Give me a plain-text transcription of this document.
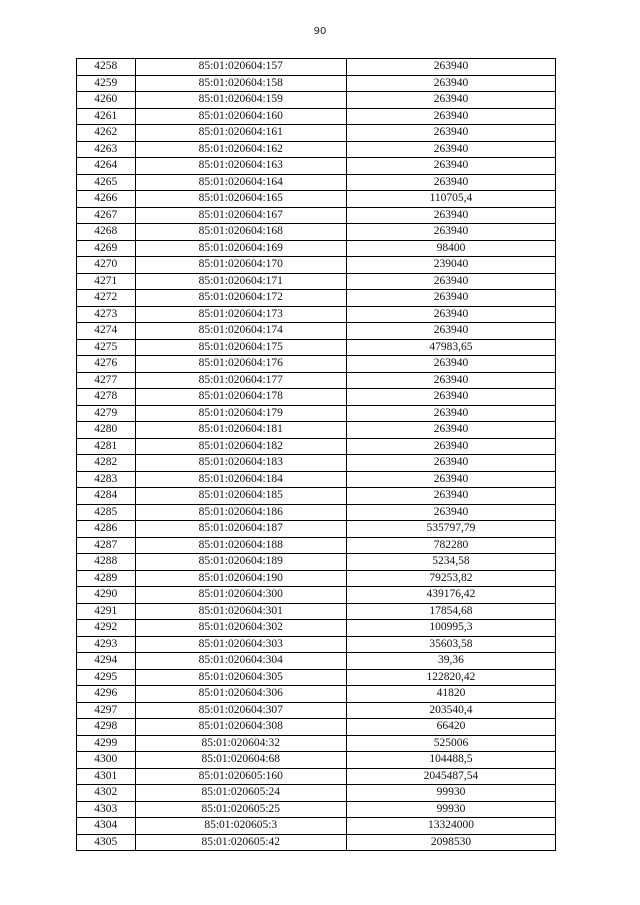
90
4258	85:01:020604:157	263940
4259	85:01:020604:158	263940
4260	85:01:020604:159	263940
4261	85:01:020604:160	263940
4262	85:01:020604:161	263940
4263	85:01:020604:162	263940
4264	85:01:020604:163	263940
4265	85:01:020604:164	263940
4266	85:01:020604:165	110705,4
4267	85:01:020604:167	263940
4268	85:01:020604:168	263940
4269	85:01:020604:169	98400
4270	85:01:020604:170	239040
4271	85:01:020604:171	263940
4272	85:01:020604:172	263940
4273	85:01:020604:173	263940
4274	85:01:020604:174	263940
4275	85:01:020604:175	47983,65
4276	85:01:020604:176	263940
4277	85:01:020604:177	263940
4278	85:01:020604:178	263940
4279	85:01:020604:179	263940
4280	85:01:020604:181	263940
4281	85:01:020604:182	263940
4282	85:01:020604:183	263940
4283	85:01:020604:184	263940
4284	85:01:020604:185	263940
4285	85:01:020604:186	263940
4286	85:01:020604:187	535797,79
4287	85:01:020604:188	782280
4288	85:01:020604:189	5234,58
4289	85:01:020604:190	79253,82
4290	85:01:020604:300	439176,42
4291	85:01:020604:301	17854,68
4292	85:01:020604:302	100995,3
4293	85:01:020604:303	35603,58
4294	85:01:020604:304	39,36
4295	85:01:020604:305	122820,42
4296	85:01:020604:306	41820
4297	85:01:020604:307	203540,4
4298	85:01:020604:308	66420
4299	85:01:020604:32	525006
4300	85:01:020604:68	104488,5
4301	85:01:020605:160	2045487,54
4302	85:01:020605:24	99930
4303	85:01:020605:25	99930
4304	85:01:020605:3	13324000
4305	85:01:020605:42	2098530
